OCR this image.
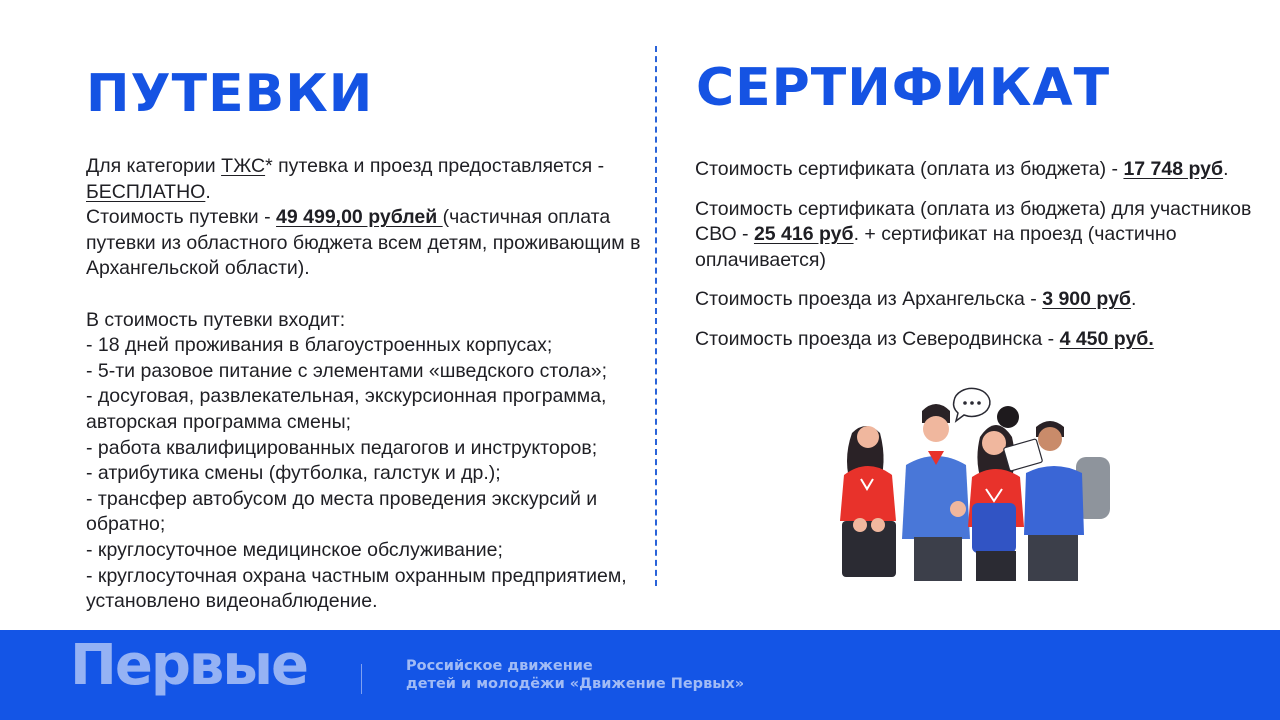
ПУТЕВКИ	СЕРТИФИКАТ

Для категории ТЖС* путевка и проезд предоставляется - БЕСПЛАТНО.

Стоимость путевки - 49 499,00 рублей (частичная оплата путевки из областного бюджета всем детям, проживающим в Архангельской области).

В стоимость путевки входит:

- 18 дней проживания в благоустроенных корпусах;
- 5-ти разовое питание с элементами «шведского стола»;
- досуговая, развлекательная, экскурсионная программа, авторская программа смены;
- работа квалифицированных педагогов и инструкторов;
- атрибутика смены (футболка, галстук и др.);
- трансфер автобусом до места проведения экскурсий и обратно;
- круглосуточное медицинское обслуживание;
- круглосуточная охрана частным охранным предприятием, установлено видеонаблюдение.

Стоимость сертификата (оплата из бюджета) - 17 748 руб.

Стоимость сертификата (оплата из бюджета) для участников СВО - 25 416 руб. + сертификат на проезд (частично оплачивается)

Стоимость проезда из Архангельска - 3 900 руб.

Стоимость проезда из Северодвинска - 4 450 руб.

Первые	Российское движение
детей и молодёжи «Движение Первых»
